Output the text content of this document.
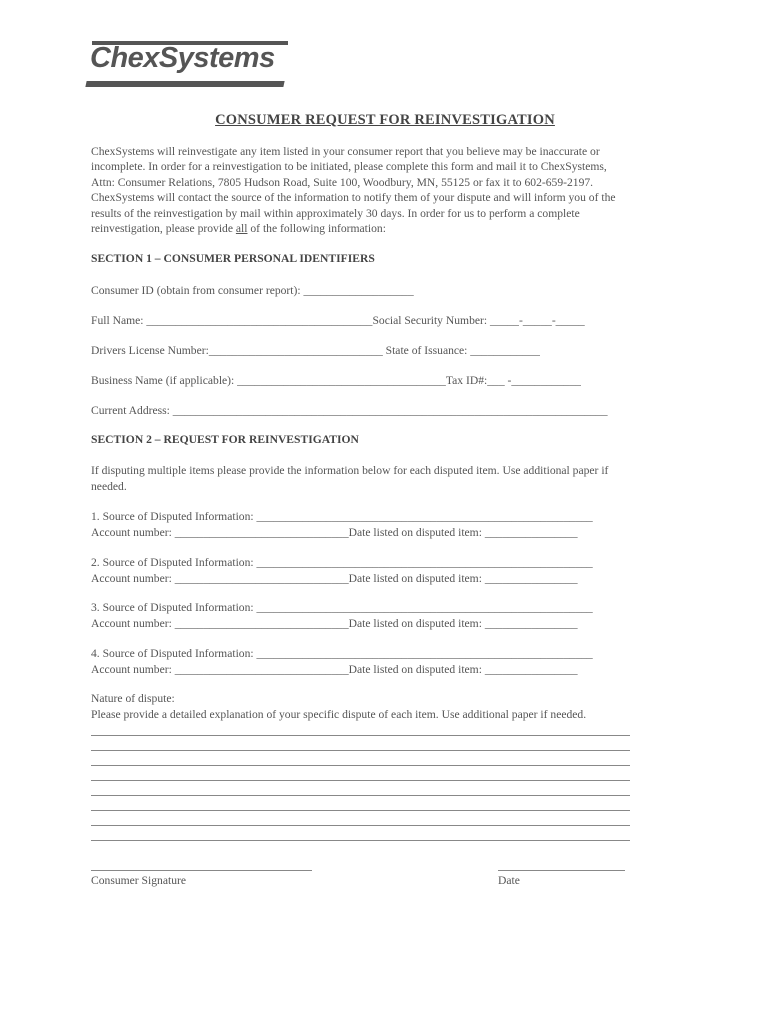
ChexSystems
CONSUMER REQUEST FOR REINVESTIGATION
ChexSystems will reinvestigate any item listed in your consumer report that you believe may be inaccurate or
incomplete. In order for a reinvestigation to be initiated, please complete this form and mail it to ChexSystems,
Attn: Consumer Relations, 7805 Hudson Road, Suite 100, Woodbury, MN, 55125 or fax it to 602-659-2197.
ChexSystems will contact the source of the information to notify them of your dispute and will inform you of the
results of the reinvestigation by mail within approximately 30 days. In order for us to perform a complete
reinvestigation, please provide all of the following information:
SECTION 1 – CONSUMER PERSONAL IDENTIFIERS
Consumer ID (obtain from consumer report): ___________________
Full Name: _______________________________________Social Security Number: _____-_____-_____
Drivers License Number:______________________________ State of Issuance: ____________
Business Name (if applicable): ____________________________________Tax ID#:___ -____________
Current Address: ___________________________________________________________________________
SECTION 2 – REQUEST FOR REINVESTIGATION
If disputing multiple items please provide the information below for each disputed item. Use additional paper if
needed.
1. Source of Disputed Information: __________________________________________________________
Account number: ______________________________Date listed on disputed item: ________________
2. Source of Disputed Information: __________________________________________________________
Account number: ______________________________Date listed on disputed item: ________________
3. Source of Disputed Information: __________________________________________________________
Account number: ______________________________Date listed on disputed item: ________________
4. Source of Disputed Information: __________________________________________________________
Account number: ______________________________Date listed on disputed item: ________________
Nature of dispute:
Please provide a detailed explanation of your specific dispute of each item. Use additional paper if needed.
Consumer Signature	Date
